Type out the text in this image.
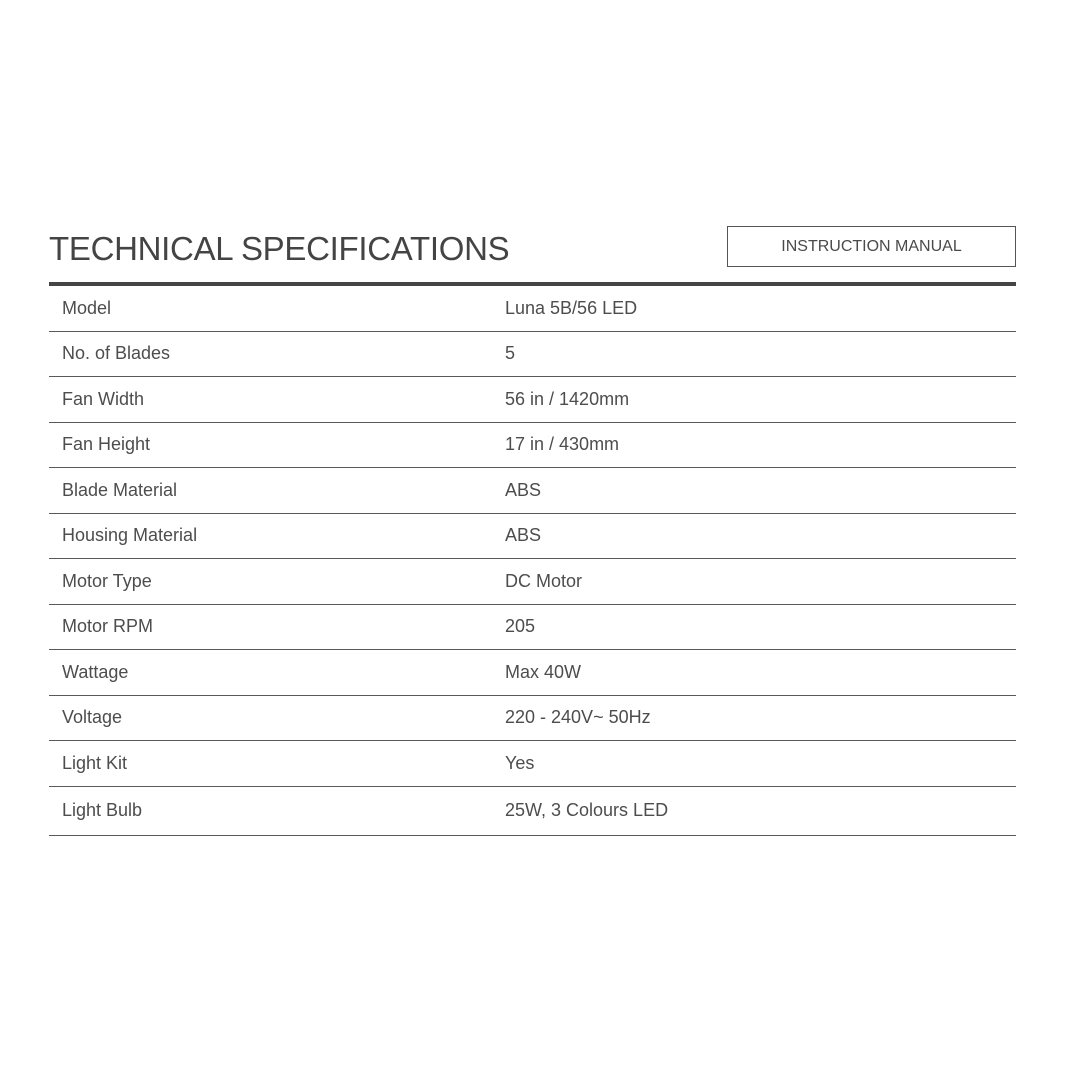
TECHNICAL SPECIFICATIONS	INSTRUCTION MANUAL
Model	Luna 5B/56 LED
No. of Blades	5
Fan Width	56 in / 1420mm
Fan Height	17 in / 430mm
Blade Material	ABS
Housing Material	ABS
Motor Type	DC Motor
Motor RPM	205
Wattage	Max 40W
Voltage	220 - 240V~ 50Hz
Light Kit	Yes
Light Bulb	25W, 3 Colours LED
